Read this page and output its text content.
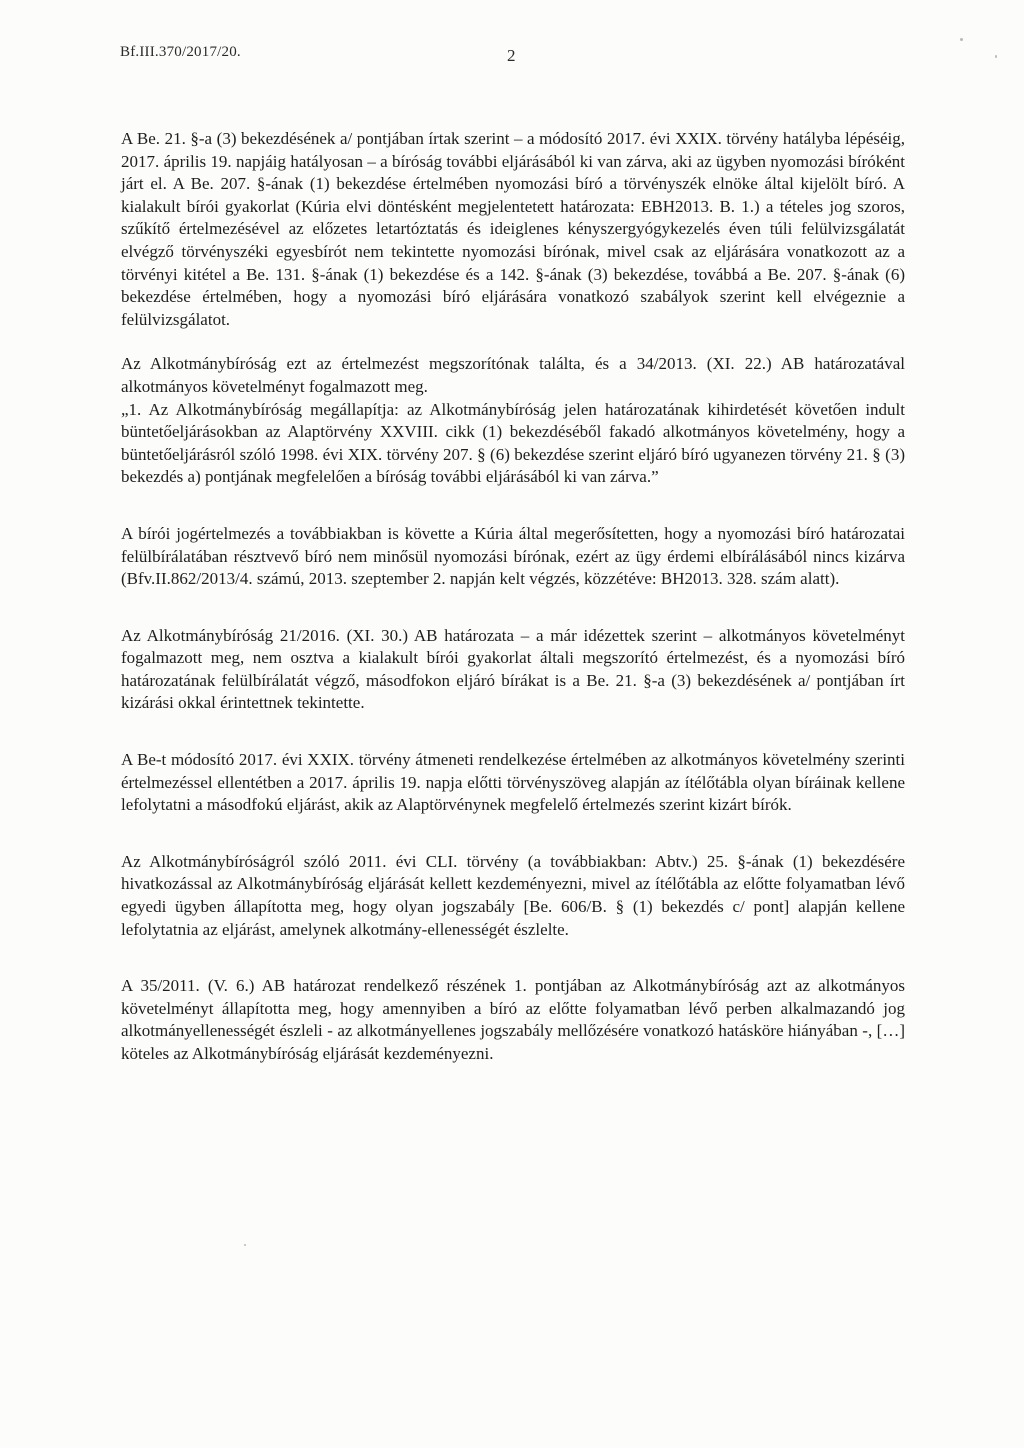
Bf.III.370/2017/20.	2

A Be. 21. §-a (3) bekezdésének a/ pontjában írtak szerint – a módosító 2017. évi XXIX. törvény hatályba lépéséig, 2017. április 19. napjáig hatályosan – a bíróság további eljárásából ki van zárva, aki az ügyben nyomozási bíróként járt el. A Be. 207. §-ának (1) bekezdése értelmében nyomozási bíró a törvényszék elnöke által kijelölt bíró. A kialakult bírói gyakorlat (Kúria elvi döntésként megjelentetett határozata: EBH2013. B. 1.) a tételes jog szoros, szűkítő értelmezésével az előzetes letartóztatás és ideiglenes kényszergyógykezelés éven túli felülvizsgálatát elvégző törvényszéki egyesbírót nem tekintette nyomozási bírónak, mivel csak az eljárására vonatkozott az a törvényi kitétel a Be. 131. §-ának (1) bekezdése és a 142. §-ának (3) bekezdése, továbbá a Be. 207. §-ának (6) bekezdése értelmében, hogy a nyomozási bíró eljárására vonatkozó szabályok szerint kell elvégeznie a felülvizsgálatot.

Az Alkotmánybíróság ezt az értelmezést megszorítónak találta, és a 34/2013. (XI. 22.) AB határozatával alkotmányos követelményt fogalmazott meg.

„1. Az Alkotmánybíróság megállapítja: az Alkotmánybíróság jelen határozatának kihirdetését követően indult büntetőeljárásokban az Alaptörvény XXVIII. cikk (1) bekezdéséből fakadó alkotmányos követelmény, hogy a büntetőeljárásról szóló 1998. évi XIX. törvény 207. § (6) bekezdése szerint eljáró bíró ugyanezen törvény 21. § (3) bekezdés a) pontjának megfelelően a bíróság további eljárásából ki van zárva.”

A bírói jogértelmezés a továbbiakban is követte a Kúria által megerősítetten, hogy a nyomozási bíró határozatai felülbírálatában résztvevő bíró nem minősül nyomozási bírónak, ezért az ügy érdemi elbírálásából nincs kizárva (Bfv.II.862/2013/4. számú, 2013. szeptember 2. napján kelt végzés, közzétéve: BH2013. 328. szám alatt).

Az Alkotmánybíróság 21/2016. (XI. 30.) AB határozata – a már idézettek szerint – alkotmányos követelményt fogalmazott meg, nem osztva a kialakult bírói gyakorlat általi megszorító értelmezést, és a nyomozási bíró határozatának felülbírálatát végző, másodfokon eljáró bírákat is a Be. 21. §-a (3) bekezdésének a/ pontjában írt kizárási okkal érintettnek tekintette.

A Be-t módosító 2017. évi XXIX. törvény átmeneti rendelkezése értelmében az alkotmányos követelmény szerinti értelmezéssel ellentétben a 2017. április 19. napja előtti törvényszöveg alapján az ítélőtábla olyan bíráinak kellene lefolytatni a másodfokú eljárást, akik az Alaptörvénynek megfelelő értelmezés szerint kizárt bírók.

Az Alkotmánybíróságról szóló 2011. évi CLI. törvény (a továbbiakban: Abtv.) 25. §-ának (1) bekezdésére hivatkozással az Alkotmánybíróság eljárását kellett kezdeményezni, mivel az ítélőtábla az előtte folyamatban lévő egyedi ügyben állapította meg, hogy olyan jogszabály [Be. 606/B. § (1) bekezdés c/ pont] alapján kellene lefolytatnia az eljárást, amelynek alkotmány-ellenességét észlelte.

A 35/2011. (V. 6.) AB határozat rendelkező részének 1. pontjában az Alkotmánybíróság azt az alkotmányos követelményt állapította meg, hogy amennyiben a bíró az előtte folyamatban lévő perben alkalmazandó jog alkotmányellenességét észleli - az alkotmányellenes jogszabály mellőzésére vonatkozó hatásköre hiányában -, […] köteles az Alkotmánybíróság eljárását kezdeményezni.
